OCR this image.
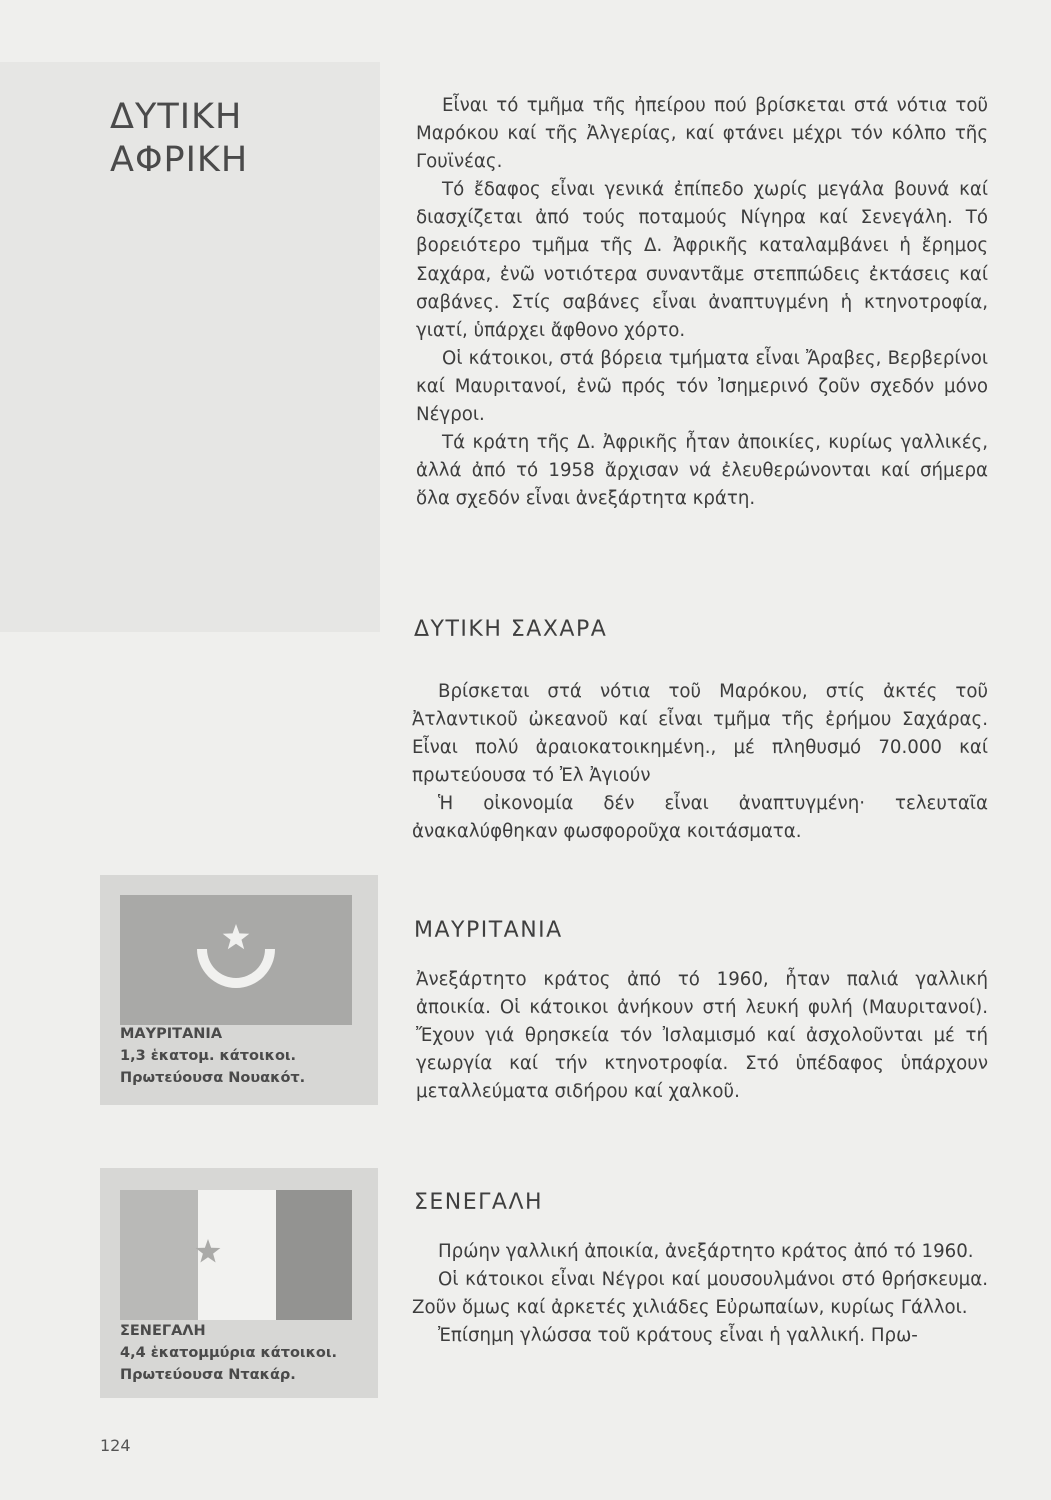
ΔΥΤΙΚΗ
ΑΦΡΙΚΗ

Εἶναι τό τμῆμα τῆς ἠπείρου πού βρίσκεται στά νότια τοῦ Μαρόκου καί τῆς Ἀλγερίας, καί φτάνει μέχρι τόν κόλπο τῆς Γουϊνέας.

Τό ἔδαφος εἶναι γενικά ἐπίπεδο χωρίς μεγάλα βουνά καί διασχίζεται ἀπό τούς ποταμούς Νίγηρα καί Σενεγάλη. Τό βορειότερο τμῆμα τῆς Δ. Ἀφρικῆς καταλαμβάνει ἡ ἔρημος Σαχάρα, ἐνῶ νοτιότερα συναντᾶμε στεππώδεις ἐκτάσεις καί σαβάνες. Στίς σαβάνες εἶναι ἀναπτυγμένη ἡ κτηνοτροφία, γιατί, ὑπάρχει ἄφθονο χόρτο.

Οἱ κάτοικοι, στά βόρεια τμήματα εἶναι Ἄραβες, Βερβερίνοι καί Μαυριτανοί, ἐνῶ πρός τόν Ἰσημερινό ζοῦν σχεδόν μόνο Νέγροι.

Τά κράτη τῆς Δ. Ἀφρικῆς ἦταν ἀποικίες, κυρίως γαλλικές, ἀλλά ἀπό τό 1958 ἄρχισαν νά ἐλευθερώνονται καί σήμερα ὅλα σχεδόν εἶναι ἀνεξάρτητα κράτη.

ΔΥΤΙΚΗ ΣΑΧΑΡΑ

Βρίσκεται στά νότια τοῦ Μαρόκου, στίς ἀκτές τοῦ Ἀτλαντικοῦ ὠκεανοῦ καί εἶναι τμῆμα τῆς ἐρήμου Σαχάρας. Εἶναι πολύ ἀραιοκατοικημένη., μέ πληθυσμό 70.000 καί πρωτεύουσα τό Ἐλ Ἀγιούν

Ἡ οἰκονομία δέν εἶναι ἀναπτυγμένη· τελευταῖα ἀνακαλύφθηκαν φωσφοροῦχα κοιτάσματα.

ΜΑΥΡΙΤΑΝΙΑ

Ἀνεξάρτητο κράτος ἀπό τό 1960, ἦταν παλιά γαλλική ἀποικία. Οἱ κάτοικοι ἀνήκουν στή λευκή φυλή (Μαυριτανοί). Ἔχουν γιά θρησκεία τόν Ἰσλαμισμό καί ἀσχολοῦνται μέ τή γεωργία καί τήν κτηνοτροφία. Στό ὑπέδαφος ὑπάρχουν μεταλλεύματα σιδήρου καί χαλκοῦ.

ΣΕΝΕΓΑΛΗ

Πρώην γαλλική ἀποικία, ἀνεξάρτητο κράτος ἀπό τό 1960.

Οἱ κάτοικοι εἶναι Νέγροι καί μουσουλμάνοι στό θρήσκευμα. Ζοῦν ὅμως καί ἀρκετές χιλιάδες Εὐρωπαίων, κυρίως Γάλλοι.

Ἐπίσημη γλώσσα τοῦ κράτους εἶναι ἡ γαλλική. Πρω-

ΜΑΥΡΙΤΑΝΙΑ
1,3 ἑκατομ. κάτοικοι.
Πρωτεύουσα Νουακότ.
ΣΕΝΕΓΑΛΗ
4,4 ἑκατομμύρια κάτοικοι.
Πρωτεύουσα Ντακάρ.
124
